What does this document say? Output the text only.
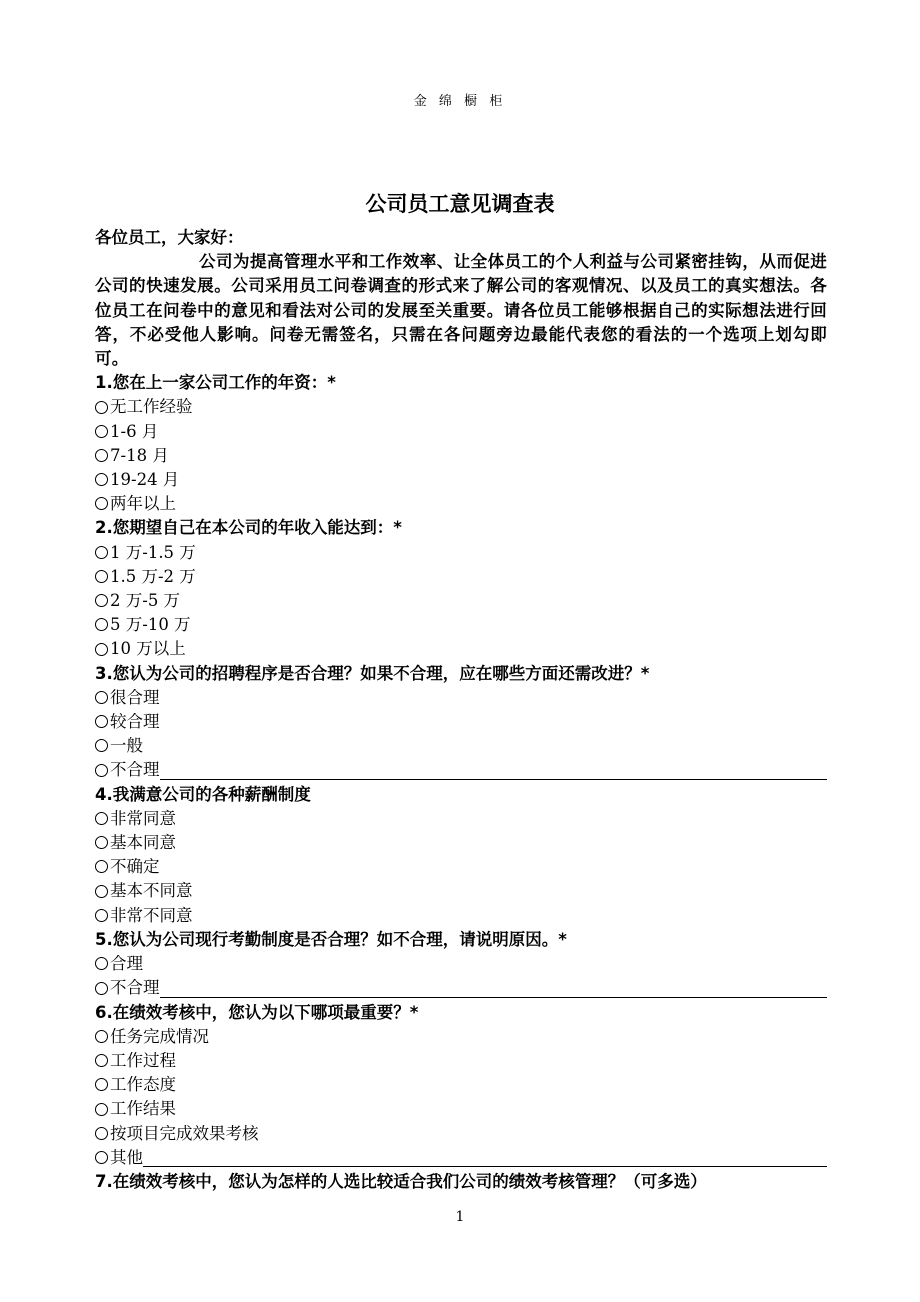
金 绵 橱 柜
公司员工意见调查表
各位员工，大家好：
公司为提高管理水平和工作效率、让全体员工的个人利益与公司紧密挂钩，从而促进公司的快速发展。公司采用员工问卷调查的形式来了解公司的客观情况、以及员工的真实想法。各位员工在问卷中的意见和看法对公司的发展至关重要。请各位员工能够根据自己的实际想法进行回答，不必受他人影响。问卷无需签名，只需在各问题旁边最能代表您的看法的一个选项上划勾即可。
1.您在上一家公司工作的年资：*
无工作经验
1-6 月
7-18 月
19-24 月
两年以上
2.您期望自己在本公司的年收入能达到：*
1 万-1.5 万
1.5 万-2 万
2 万-5 万
5 万-10 万
10 万以上
3.您认为公司的招聘程序是否合理？如果不合理，应在哪些方面还需改进？*
很合理
较合理
一般
不合理
4.我满意公司的各种薪酬制度
非常同意
基本同意
不确定
基本不同意
非常不同意
5.您认为公司现行考勤制度是否合理？如不合理，请说明原因。*
合理
不合理
6.在绩效考核中，您认为以下哪项最重要？*
任务完成情况
工作过程
工作态度
工作结果
按项目完成效果考核
其他
7.在绩效考核中，您认为怎样的人选比较适合我们公司的绩效考核管理？（可多选）
1
